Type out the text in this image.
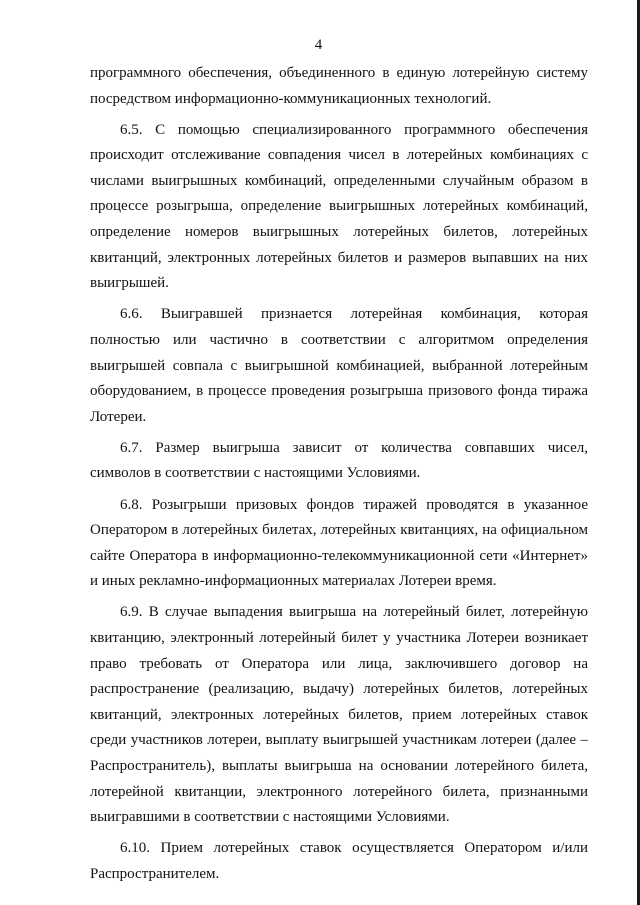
4

программного обеспечения, объединенного в единую лотерейную систему посредством информационно-коммуникационных технологий.

6.5. С помощью специализированного программного обеспечения происходит отслеживание совпадения чисел в лотерейных комбинациях с числами выигрышных комбинаций, определенными случайным образом в процессе розыгрыша, определение выигрышных лотерейных комбинаций, определение номеров выигрышных лотерейных билетов, лотерейных квитанций, электронных лотерейных билетов и размеров выпавших на них выигрышей.

6.6. Выигравшей признается лотерейная комбинация, которая полностью или частично в соответствии с алгоритмом определения выигрышей совпала с выигрышной комбинацией, выбранной лотерейным оборудованием, в процессе проведения розыгрыша призового фонда тиража Лотереи.

6.7. Размер выигрыша зависит от количества совпавших чисел, символов в соответствии с настоящими Условиями.

6.8. Розыгрыши призовых фондов тиражей проводятся в указанное Оператором в лотерейных билетах, лотерейных квитанциях, на официальном сайте Оператора в информационно-телекоммуникационной сети «Интернет» и иных рекламно-информационных материалах Лотереи время.

6.9. В случае выпадения выигрыша на лотерейный билет, лотерейную квитанцию, электронный лотерейный билет у участника Лотереи возникает право требовать от Оператора или лица, заключившего договор на распространение (реализацию, выдачу) лотерейных билетов, лотерейных квитанций, электронных лотерейных билетов, прием лотерейных ставок среди участников лотереи, выплату выигрышей участникам лотереи (далее – Распространитель), выплаты выигрыша на основании лотерейного билета, лотерейной квитанции, электронного лотерейного билета, признанными выигравшими в соответствии с настоящими Условиями.

6.10. Прием лотерейных ставок осуществляется Оператором и/или Распространителем.
